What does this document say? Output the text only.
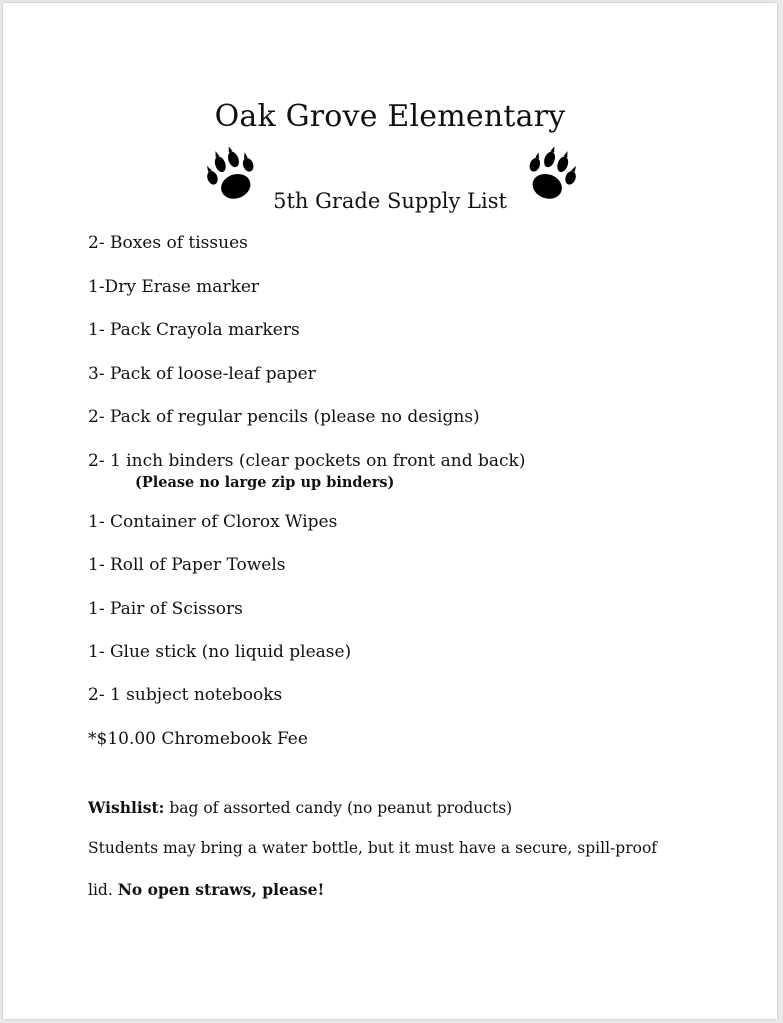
Oak Grove Elementary
5th Grade Supply List
2- Boxes of tissues
1-Dry Erase marker
1- Pack Crayola markers
3- Pack of loose-leaf paper
2- Pack of regular pencils (please no designs)
2- 1 inch binders (clear pockets on front and back)
(Please no large zip up binders)
1- Container of Clorox Wipes
1- Roll of Paper Towels
1- Pair of Scissors
1- Glue stick (no liquid please)
2- 1 subject notebooks
*$10.00 Chromebook Fee
Wishlist: bag of assorted candy (no peanut products)
Students may bring a water bottle, but it must have a secure, spill-proof
lid. No open straws, please!
